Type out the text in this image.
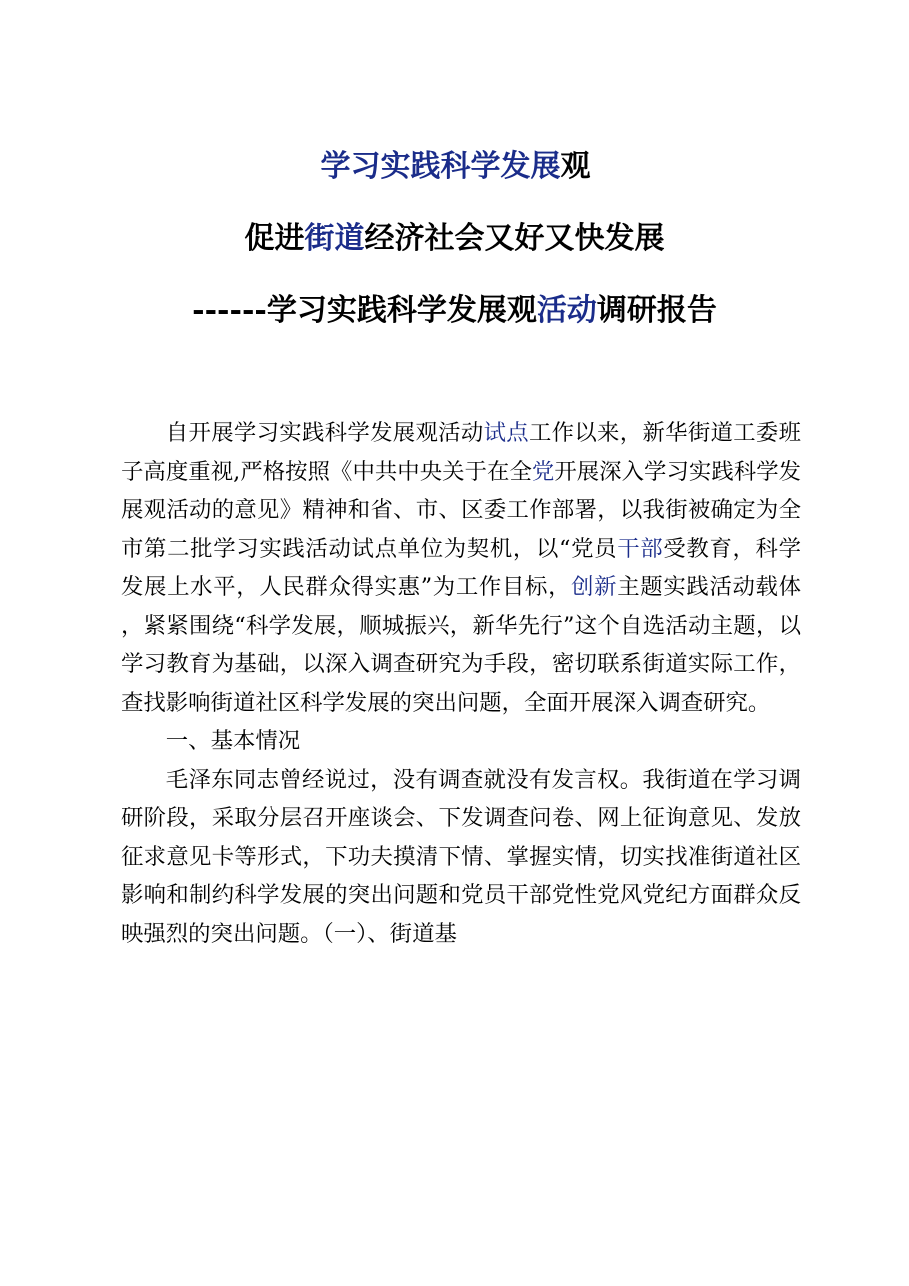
学习实践科学发展观
促进街道经济社会又好又快发展
------学习实践科学发展观活动调研报告

自开展学习实践科学发展观活动试点工作以来，新华街道工委班子高度重视,严格按照《中共中央关于在全党开展深入学习实践科学发展观活动的意见》精神和省、市、区委工作部署，以我街被确定为全市第二批学习实践活动试点单位为契机，以“党员干部受教育，科学发展上水平，人民群众得实惠”为工作目标，创新主题实践活动载体，紧紧围绕“科学发展，顺城振兴，新华先行”这个自选活动主题，以学习教育为基础，以深入调查研究为手段，密切联系街道实际工作，查找影响街道社区科学发展的突出问题，全面开展深入调查研究。

一、基本情况

毛泽东同志曾经说过，没有调查就没有发言权。我街道在学习调研阶段，采取分层召开座谈会、下发调查问卷、网上征询意见、发放征求意见卡等形式，下功夫摸清下情、掌握实情，切实找准街道社区影响和制约科学发展的突出问题和党员干部党性党风党纪方面群众反映强烈的突出问题。（一）、街道基
